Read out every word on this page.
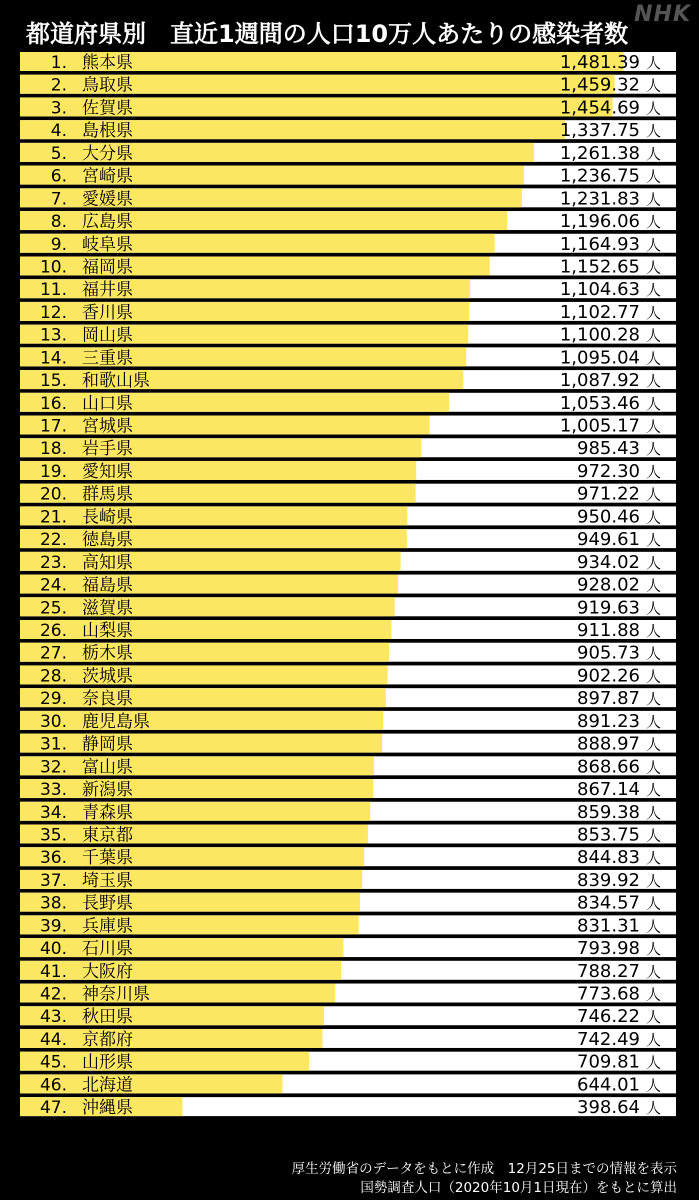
都道府県別　直近1週間の人口10万人あたりの感染者数
NHK
1. 熊本県	1,481.39 人
2. 鳥取県	1,459.32 人
3. 佐賀県	1,454.69 人
4. 島根県	1,337.75 人
5. 大分県	1,261.38 人
6. 宮崎県	1,236.75 人
7. 愛媛県	1,231.83 人
8. 広島県	1,196.06 人
9. 岐阜県	1,164.93 人
10. 福岡県	1,152.65 人
11. 福井県	1,104.63 人
12. 香川県	1,102.77 人
13. 岡山県	1,100.28 人
14. 三重県	1,095.04 人
15. 和歌山県	1,087.92 人
16. 山口県	1,053.46 人
17. 宮城県	1,005.17 人
18. 岩手県	985.43 人
19. 愛知県	972.30 人
20. 群馬県	971.22 人
21. 長崎県	950.46 人
22. 徳島県	949.61 人
23. 高知県	934.02 人
24. 福島県	928.02 人
25. 滋賀県	919.63 人
26. 山梨県	911.88 人
27. 栃木県	905.73 人
28. 茨城県	902.26 人
29. 奈良県	897.87 人
30. 鹿児島県	891.23 人
31. 静岡県	888.97 人
32. 富山県	868.66 人
33. 新潟県	867.14 人
34. 青森県	859.38 人
35. 東京都	853.75 人
36. 千葉県	844.83 人
37. 埼玉県	839.92 人
38. 長野県	834.57 人
39. 兵庫県	831.31 人
40. 石川県	793.98 人
41. 大阪府	788.27 人
42. 神奈川県	773.68 人
43. 秋田県	746.22 人
44. 京都府	742.49 人
45. 山形県	709.81 人
46. 北海道	644.01 人
47. 沖縄県	398.64 人
厚生労働省のデータをもとに作成　12月25日までの情報を表示
国勢調査人口（2020年10月1日現在）をもとに算出
